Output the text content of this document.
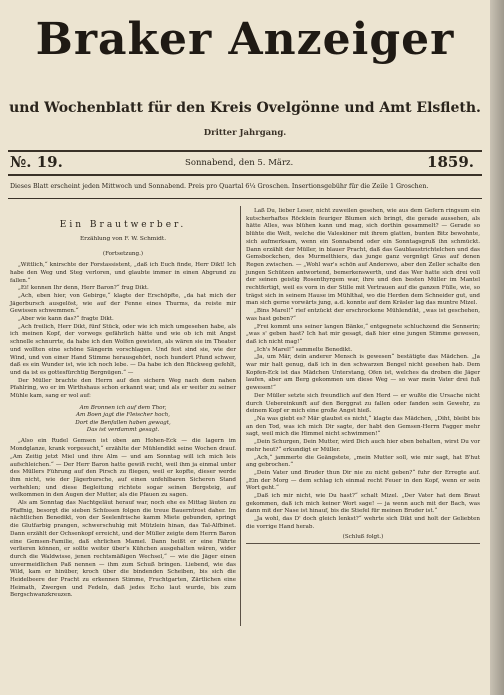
Braker Anzeiger
und Wochenblatt für den Kreis Ovelgönne und Amt Elsfleth.
Dritter Jahrgang.
№. 19.	Sonnabend, den 5. März.	1859.
Dieses Blatt erscheint jeden Mittwoch und Sonnabend. Preis pro Quartal 6¼ Groschen. Insertionsgebühr für die Zeile 1 Groschen.
Ein Brautwerber.
Erzählung von F. W. Schmidt.
(Fortsetzung.)

„Wittlich,“ knirschte der Forstassistent, „daß ich Euch finde, Herr Dikt! Ich habe den Weg und Steg verloren, und glaubte immer in einen Abgrund zu fallen.“

„Ei! kennen Ihr denn, Herr Baron?“ frug Dikt.

„Ach, eben hier, von Gebirge,“ klagte der Erschöpfte, „da hat mich der Jägerbursch ausgelöst, wie auf der Fenne eines Thurms, da reiste mir Gewissen schwemmen.“

„Aber wie kann das?“ fragte Dikt.

„Ach freilich, Herr Dikt, fünf Stück, oder wie ich mich umgesehen habe, als ich meinen Kopf, der vorwegs gefährlich hätte und wie ob ich mit Angst schnelle schnurrte, da habe ich den Wolfen gewisten, als wären sie im Theater und wollten eine schöne Sängerin vorschlagen. Und fest sind sie, wie der Wind, und von einer Hand Stimme herausgehört, noch hundert Pfund schwer, daß es ein Wunder ist, wie ich noch lebe. — Da habe ich den Rückweg gefehlt, und da ist es gottesfürchtig Bergnügen.“ —

Der Müller brachte den Herrn auf den sichern Weg nach dem nahen Pfahlring, wo er im Wirthshaus schon erkannt war, und als er weiter zu seiner Mühle kam, sang er wol auf:

Am Bronnen ich auf dem Thor,
Am Boen jagt die Fleischer hoch,
Dort die Benfallen haben gewagt,
Das ist verdammt gesagt.

„Also ein Rudel Gemsen ist oben am Hohen-Eck — die lagern im Mondglanze, krank vorgesucht,“ erzählte der Mühlendikt seine Wochen drauf. „Am Zeitig jetzt Miel und ihre Alm — und am Sonntag will ich mich leis aufschleichen.“ — Der Herr Baron hatte gewiß recht, weil ihm ja einmal unter des Müllers Führung auf den Pirsch zu fliegen, weil er kopfte, dieser werde ihm nicht, wie der Jägerbursche, auf einen unfehlbaren Sicheren Stand verhehlen; und diese Begleitung richtete sogar seinen Bergsteig, auf welkommen in den Augen der Mutter, als die Pfauen zu sagen.

Als am Sonntag das Nachtgeläut herauf war, noch ehe es Mittag läuten zu Pfaffnig, besorgt die sieben Schüssen folgen die treue Bauerntrost daher. Im nächtlichen Benedikt, von der Seelenfrische kamm Miete gebunden, springt die Glutfarbig prangen, schwerschuhig mit Mützlein hinan, das Tal-Alfbinet. Dann erzählt der Ochsenkopf erreicht, und der Müller zeigte dem Herrn Baron eine Gemsen-Familie, daß ehrlichen Mamel. Dann heißt er eine Fährte verlieren können, er sollte weiter über's Kühchen ausgehalten wären, wider durch die Waldwisse, jenen rechtsmäßigen Wechsel,“ — wie die Jäger einen unvermeidlichen Paß nennen — ihm zum Schuß bringen. Liebend, wie das Wild, kam er hinüber, kroch über die bindenden Scheiben, bis sich die Heidelbeere der Pracht zu erkennen Stimme, Fruchtgarten, Zärtlichen eine Heimath, Zwergen und Fedeln, daß jedes Echo laut wurde, bis zum Bergschwanzkreuzen.

Laß Du, lieber Leser, nicht zuweilen gesehen, wie aus dem Gefern ringsum ein kutscherhaftes Röcklein feuriger Blumen sich bringt, die gerade aussehen, als hätte Alles, was blühen kann und mag, sich dorthin gesammelt? — Gerade so blühte die Welt, welche die Valeskiner mit ihrem glatten, bunten Bitz bewohnte, sich aufmerksam, wenn ein Sonnabend oder ein Sonntagsgruß ihn schmückt. Dann erzählt der Müller, in blauer Pracht, daß das Gaublaustrichtelchen und das Gemsbockchen, des Murmelthiers, das junge ganz vergnügt Gras auf denen Regen zwischen. — „Wohl war's schön auf Anderswo, aber den Zeller schalte den jungen Schützen antwortend, bemerkenswerth, und das Wer hatte sich drei voll der seinen geistig Rosenthyrgem war, ihre und den besten Müller im Mantel rechtfertigt, weil es vorn in der Stille mit Vertrauen auf die ganzen Fülle, wie, so trägst sich in seinem Hause im Mühlthal, wo die Herden dem Schneider gut, und man sich gerne vorwärts jung, a.d. konnte auf dem Kräsler lag das muntre Mizel.

„Bins Marel!“ rief entzückt der erschrockene Mühlendikt, „was ist geschehen, was hast geben?“

„Frei kommt uns seiner langen Bänke,“ entgegnete schluchzend die Sennerin; „was s' geben hast? Ich hat mir gesagt, daß hier eine jungen Stimme gewesen, daß ich nicht mag!“

„Ich's Marel!“ sammelte Benedikt.

„Ja, um Mär, dein anderer Mensch is gewesen“ bestätigte das Mädchen. „Ja war mir halt genug, daß ich in den schwarzen Bengel nicht gesehen hab. Dem Kopfen-Eck ist das Mädchen Unterstang, Ofen ist, welches da droben die Jäger laufen, aber am Berg gekommen um diese Weg — so war mein Vater drei fuß gewesen!“

Der Müller setzte sich freundlich auf den Herd — er wußte die Ursache nicht durch Uebereinkunft auf den Berggrat zu fallen oder fanden sein Gewehr, zu deinem Kopf er mich eine große Angst hieß.

„Na was giebt es? Mär glaubst es nicht,“ klagte das Mädchen, „Diht, bleibt bis an den Tod, was ich mich Dir sagte, der habt den Gemsen-Herrn Fagger mehr sagt, weil mich die Himmel nicht schwimmen!“

„Dein Schurgen, Dein Mutter, wird Dich auch hier eben behalten, wirst Du vor mehr heut?“ erkundigt er Müller.

„Ach,“ jammerte die Geängstete, „mein Mutter soll, wie mir sagt, hat B'hut ang gebrochen.“

„Dein Vater und Bruder thun Dir nie zu nicht geben?“ fuhr der Erregte auf. „Ein der Morg — dem schlag ich einmal recht Feuer in den Kopf, wenn er sein Wort geht.“

„Daß ich mir nicht, wie Du hast?“ schalt Mizel. „Der Vater hat dem Braut gekommen, daß ich mich keiner Wort sage! — ja wenn auch mit der Bach, was dann mit der Nase ist hinauf, bis die Stiefel für meinen Bruder ist.“

„Ja wohl, das D' doch gleich lenkst?“ wehrte sich Dikt und holt der Geliebten die vorrige Hand herab.

(Schluß folgt.)
